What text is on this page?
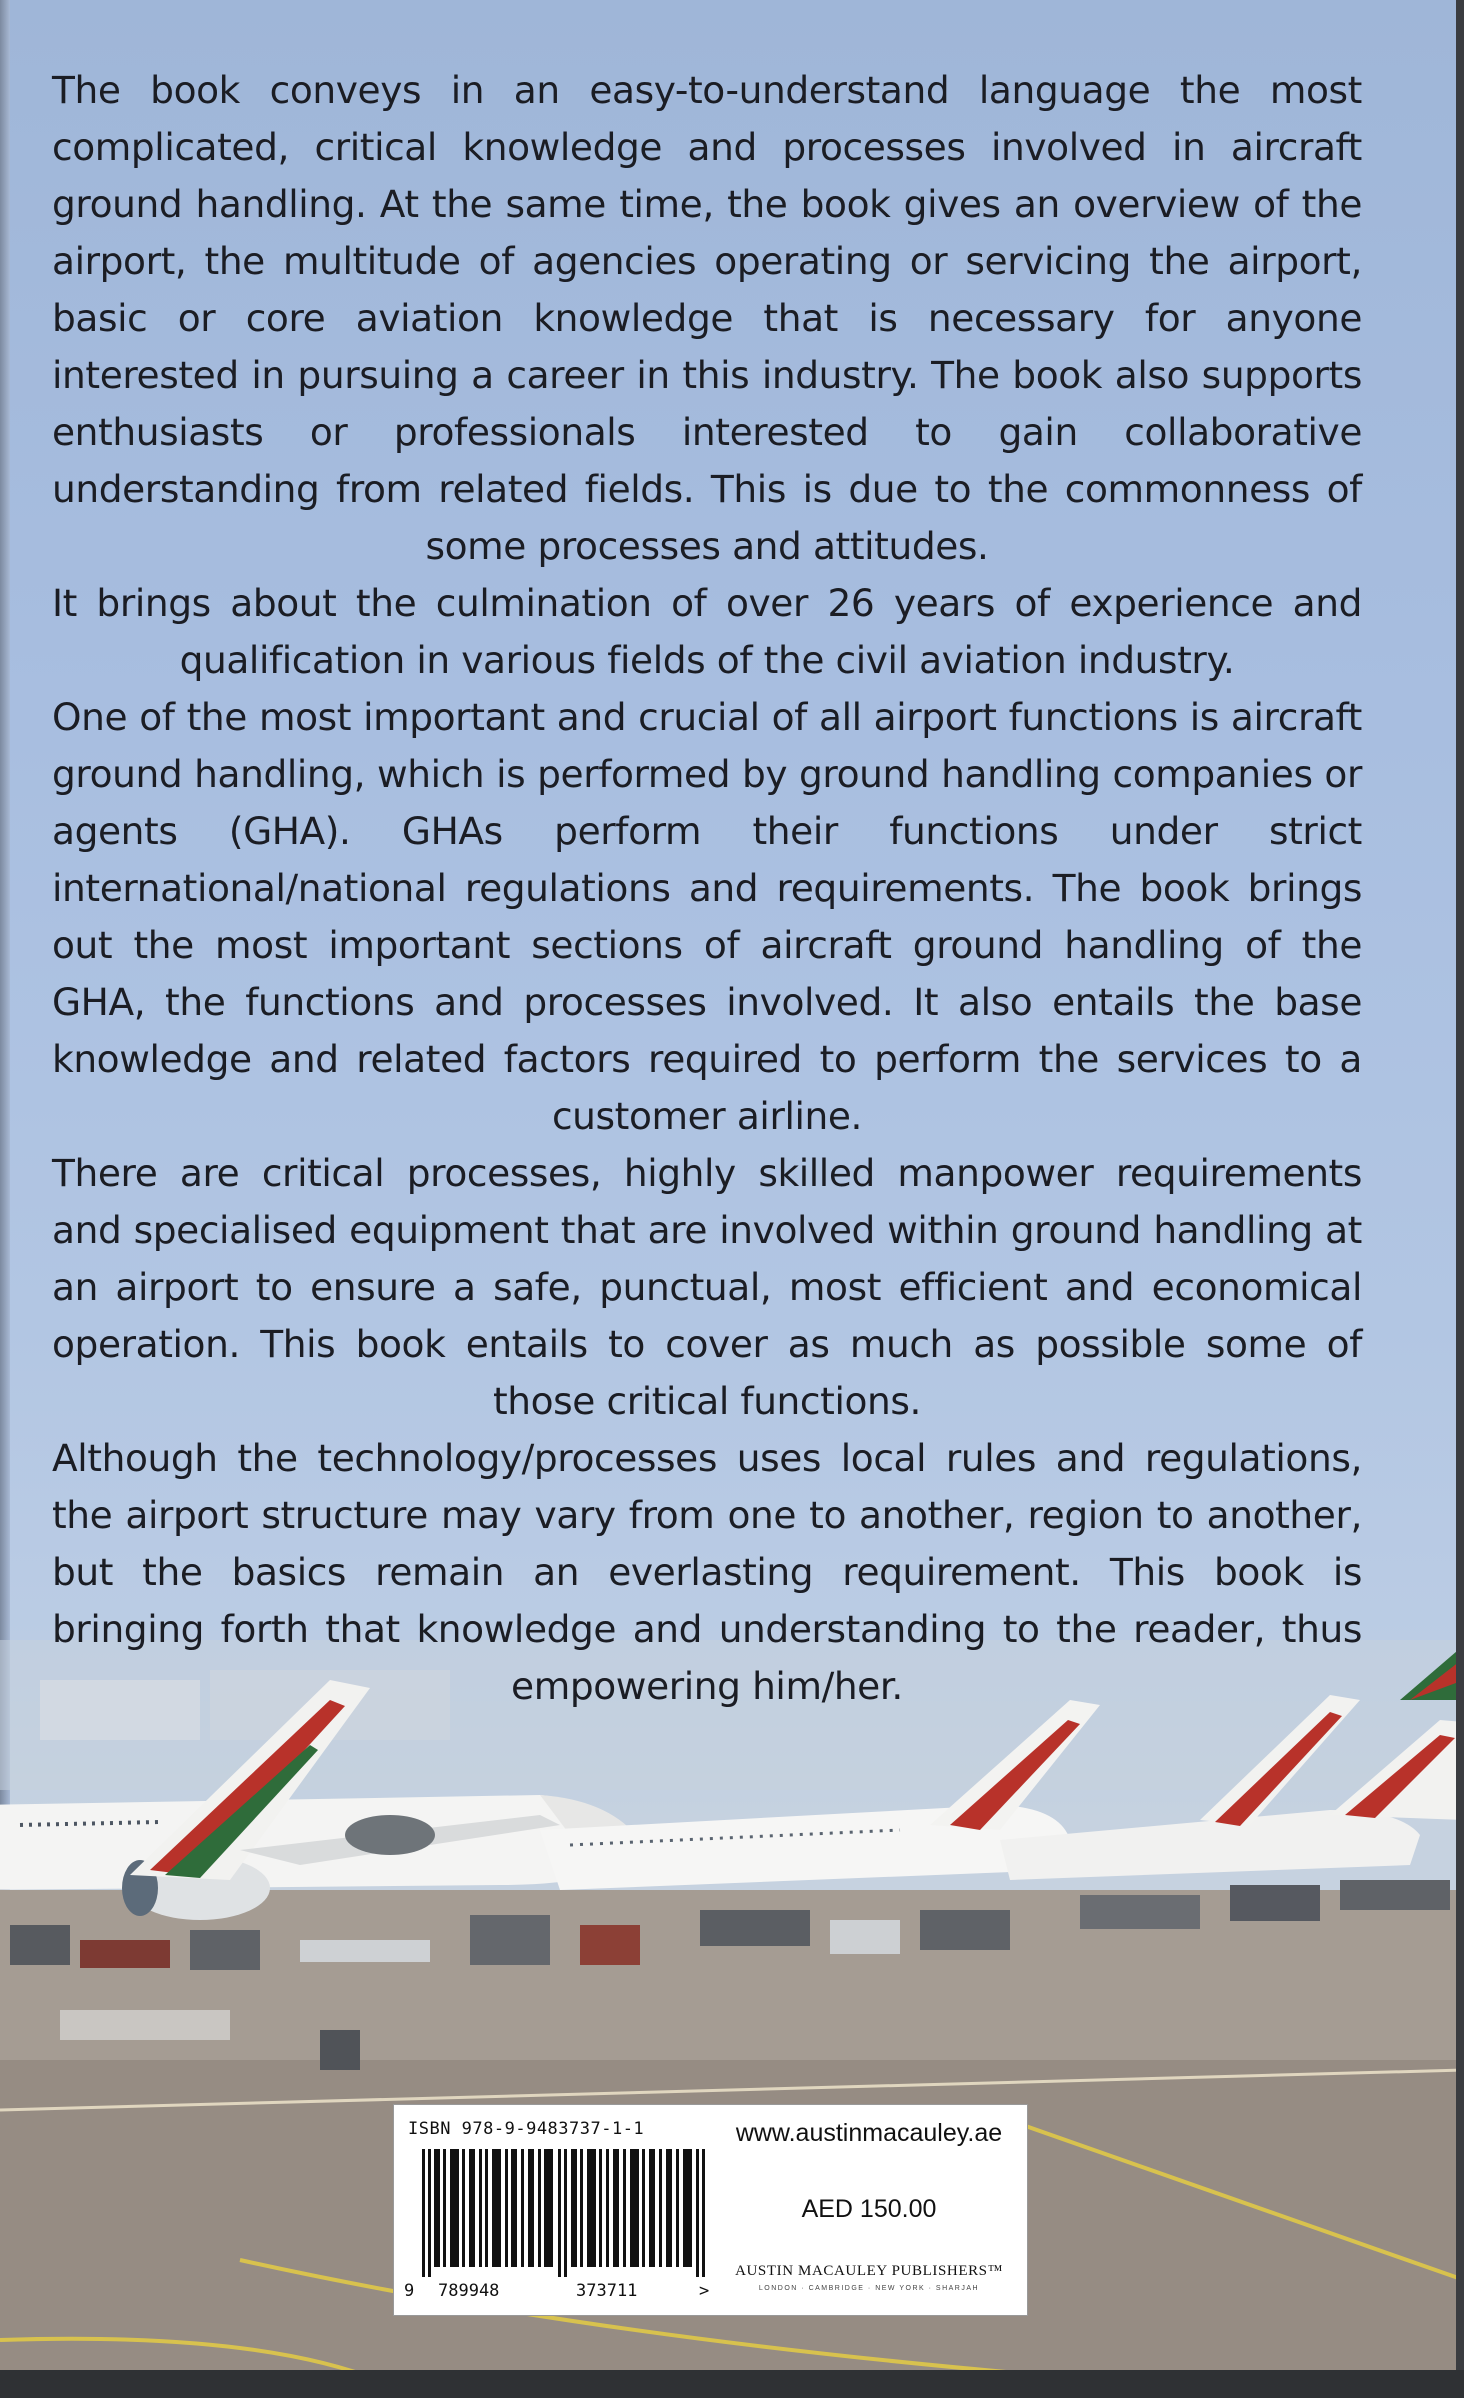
The book conveys in an easy-to-understand language the most complicated, critical knowledge and processes involved in aircraft ground handling. At the same time, the book gives an overview of the airport, the multitude of agencies operating or servicing the airport, basic or core aviation knowledge that is necessary for anyone interested in pursuing a career in this industry. The book also supports enthusiasts or professionals interested to gain collaborative understanding from related fields. This is due to the commonness of some processes and attitudes.

It brings about the culmination of over 26 years of experience and qualification in various fields of the civil aviation industry.

One of the most important and crucial of all airport functions is aircraft ground handling, which is performed by ground handling companies or agents (GHA). GHAs perform their functions under strict international/national regulations and requirements. The book brings out the most important sections of aircraft ground handling of the GHA, the functions and processes involved. It also entails the base knowledge and related factors required to perform the services to a customer airline.

There are critical processes, highly skilled manpower requirements and specialised equipment that are involved within ground handling at an airport to ensure a safe, punctual, most efficient and economical operation. This book entails to cover as much as possible some of those critical functions.

Although the technology/processes uses local rules and regulations, the airport structure may vary from one to another, region to another, but the basics remain an everlasting requirement. This book is bringing forth that knowledge and understanding to the reader, thus empowering him/her.

ISBN 978-9-9483737-1-1
9 789948	373711	>
www.austinmacauley.ae
AED 150.00
AUSTIN MACAULEY PUBLISHERS™
LONDON · CAMBRIDGE · NEW YORK · SHARJAH
